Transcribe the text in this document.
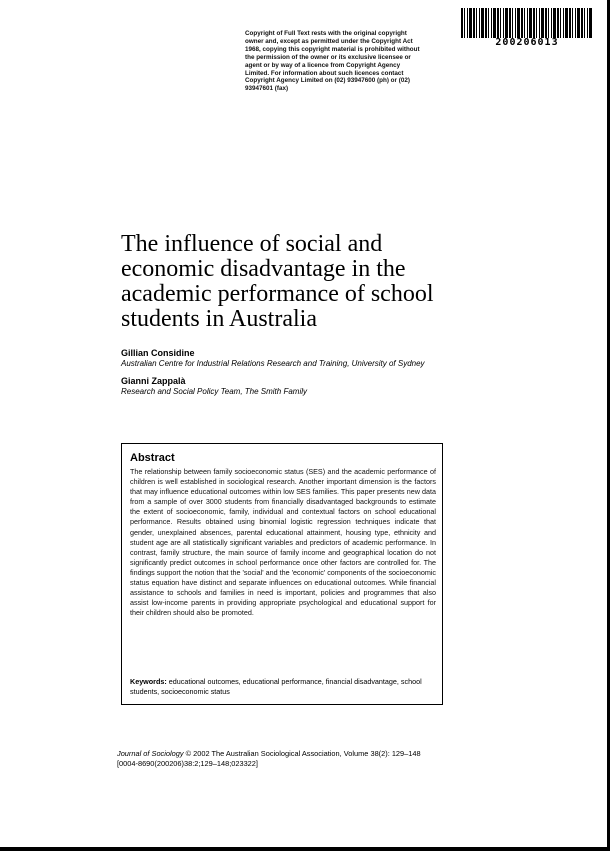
Copyright of Full Text rests with the original copyright owner and, except as permitted under the Copyright Act 1968, copying this copyright material is prohibited without the permission of the owner or its exclusive licensee or agent or by way of a licence from Copyright Agency Limited. For information about such licences contact Copyright Agency Limited on (02) 93947600 (ph) or (02) 93947601 (fax)
200206013
The influence of social and economic disadvantage in the academic performance of school students in Australia
Gillian Considine
Australian Centre for Industrial Relations Research and Training, University of Sydney
Gianni Zappalà
Research and Social Policy Team, The Smith Family
Abstract
The relationship between family socioeconomic status (SES) and the academic performance of children is well established in sociological research. Another important dimension is the factors that may influence educational outcomes within low SES families. This paper presents new data from a sample of over 3000 students from financially disadvantaged backgrounds to estimate the extent of socioeconomic, family, individual and contextual factors on school educational performance. Results obtained using binomial logistic regression techniques indicate that gender, unexplained absences, parental educational attainment, housing type, ethnicity and student age are all statistically significant variables and predictors of academic performance. In contrast, family structure, the main source of family income and geographical location do not significantly predict outcomes in school performance once other factors are controlled for. The findings support the notion that the 'social' and the 'economic' components of the socioeconomic status equation have distinct and separate influences on educational outcomes. While financial assistance to schools and families in need is important, policies and programmes that also assist low-income parents in providing appropriate psychological and educational support for their children should also be promoted.
Keywords: educational outcomes, educational performance, financial disadvantage, school students, socioeconomic status
Journal of Sociology © 2002 The Australian Sociological Association, Volume 38(2): 129–148
[0004-8690(200206)38:2;129–148;023322]
